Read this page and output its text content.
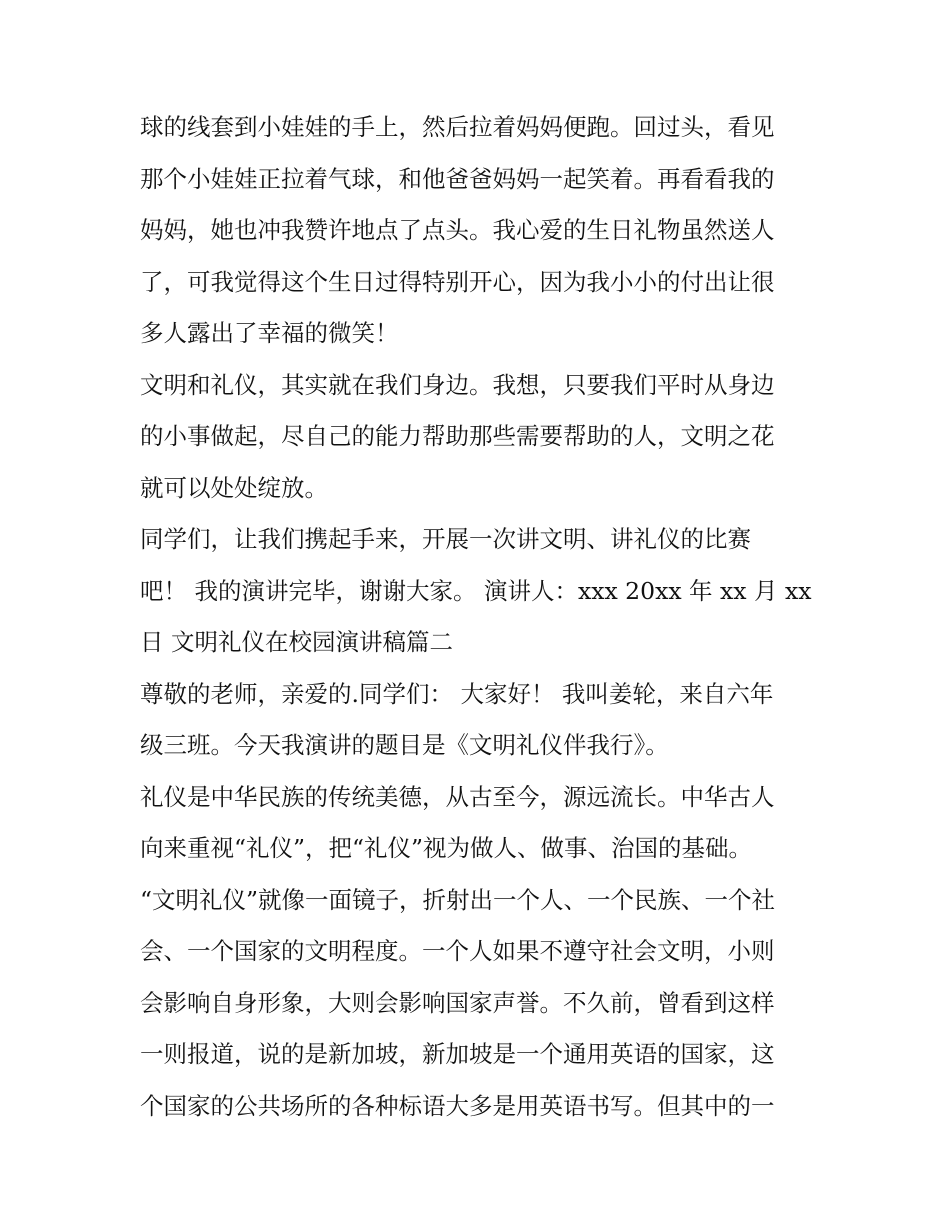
球的线套到小娃娃的手上，然后拉着妈妈便跑。回过头，看见
那个小娃娃正拉着气球，和他爸爸妈妈一起笑着。再看看我的
妈妈，她也冲我赞许地点了点头。我心爱的生日礼物虽然送人
了，可我觉得这个生日过得特别开心，因为我小小的付出让很
多人露出了幸福的微笑！
文明和礼仪，其实就在我们身边。我想，只要我们平时从身边
的小事做起，尽自己的能力帮助那些需要帮助的人，文明之花
就可以处处绽放。
同学们，让我们携起手来，开展一次讲文明、讲礼仪的比赛
吧！ 我的演讲完毕，谢谢大家。 演讲人：xxx 20xx 年 xx 月 xx
日 文明礼仪在校园演讲稿篇二
尊敬的老师，亲爱的.同学们： 大家好！ 我叫姜轮，来自六年
级三班。今天我演讲的题目是《文明礼仪伴我行》。
礼仪是中华民族的传统美德，从古至今，源远流长。中华古人
向来重视“礼仪”，把“礼仪”视为做人、做事、治国的基础。
“文明礼仪”就像一面镜子，折射出一个人、一个民族、一个社
会、一个国家的文明程度。一个人如果不遵守社会文明，小则
会影响自身形象，大则会影响国家声誉。不久前，曾看到这样
一则报道，说的是新加坡，新加坡是一个通用英语的国家，这
个国家的公共场所的各种标语大多是用英语书写。但其中的一
